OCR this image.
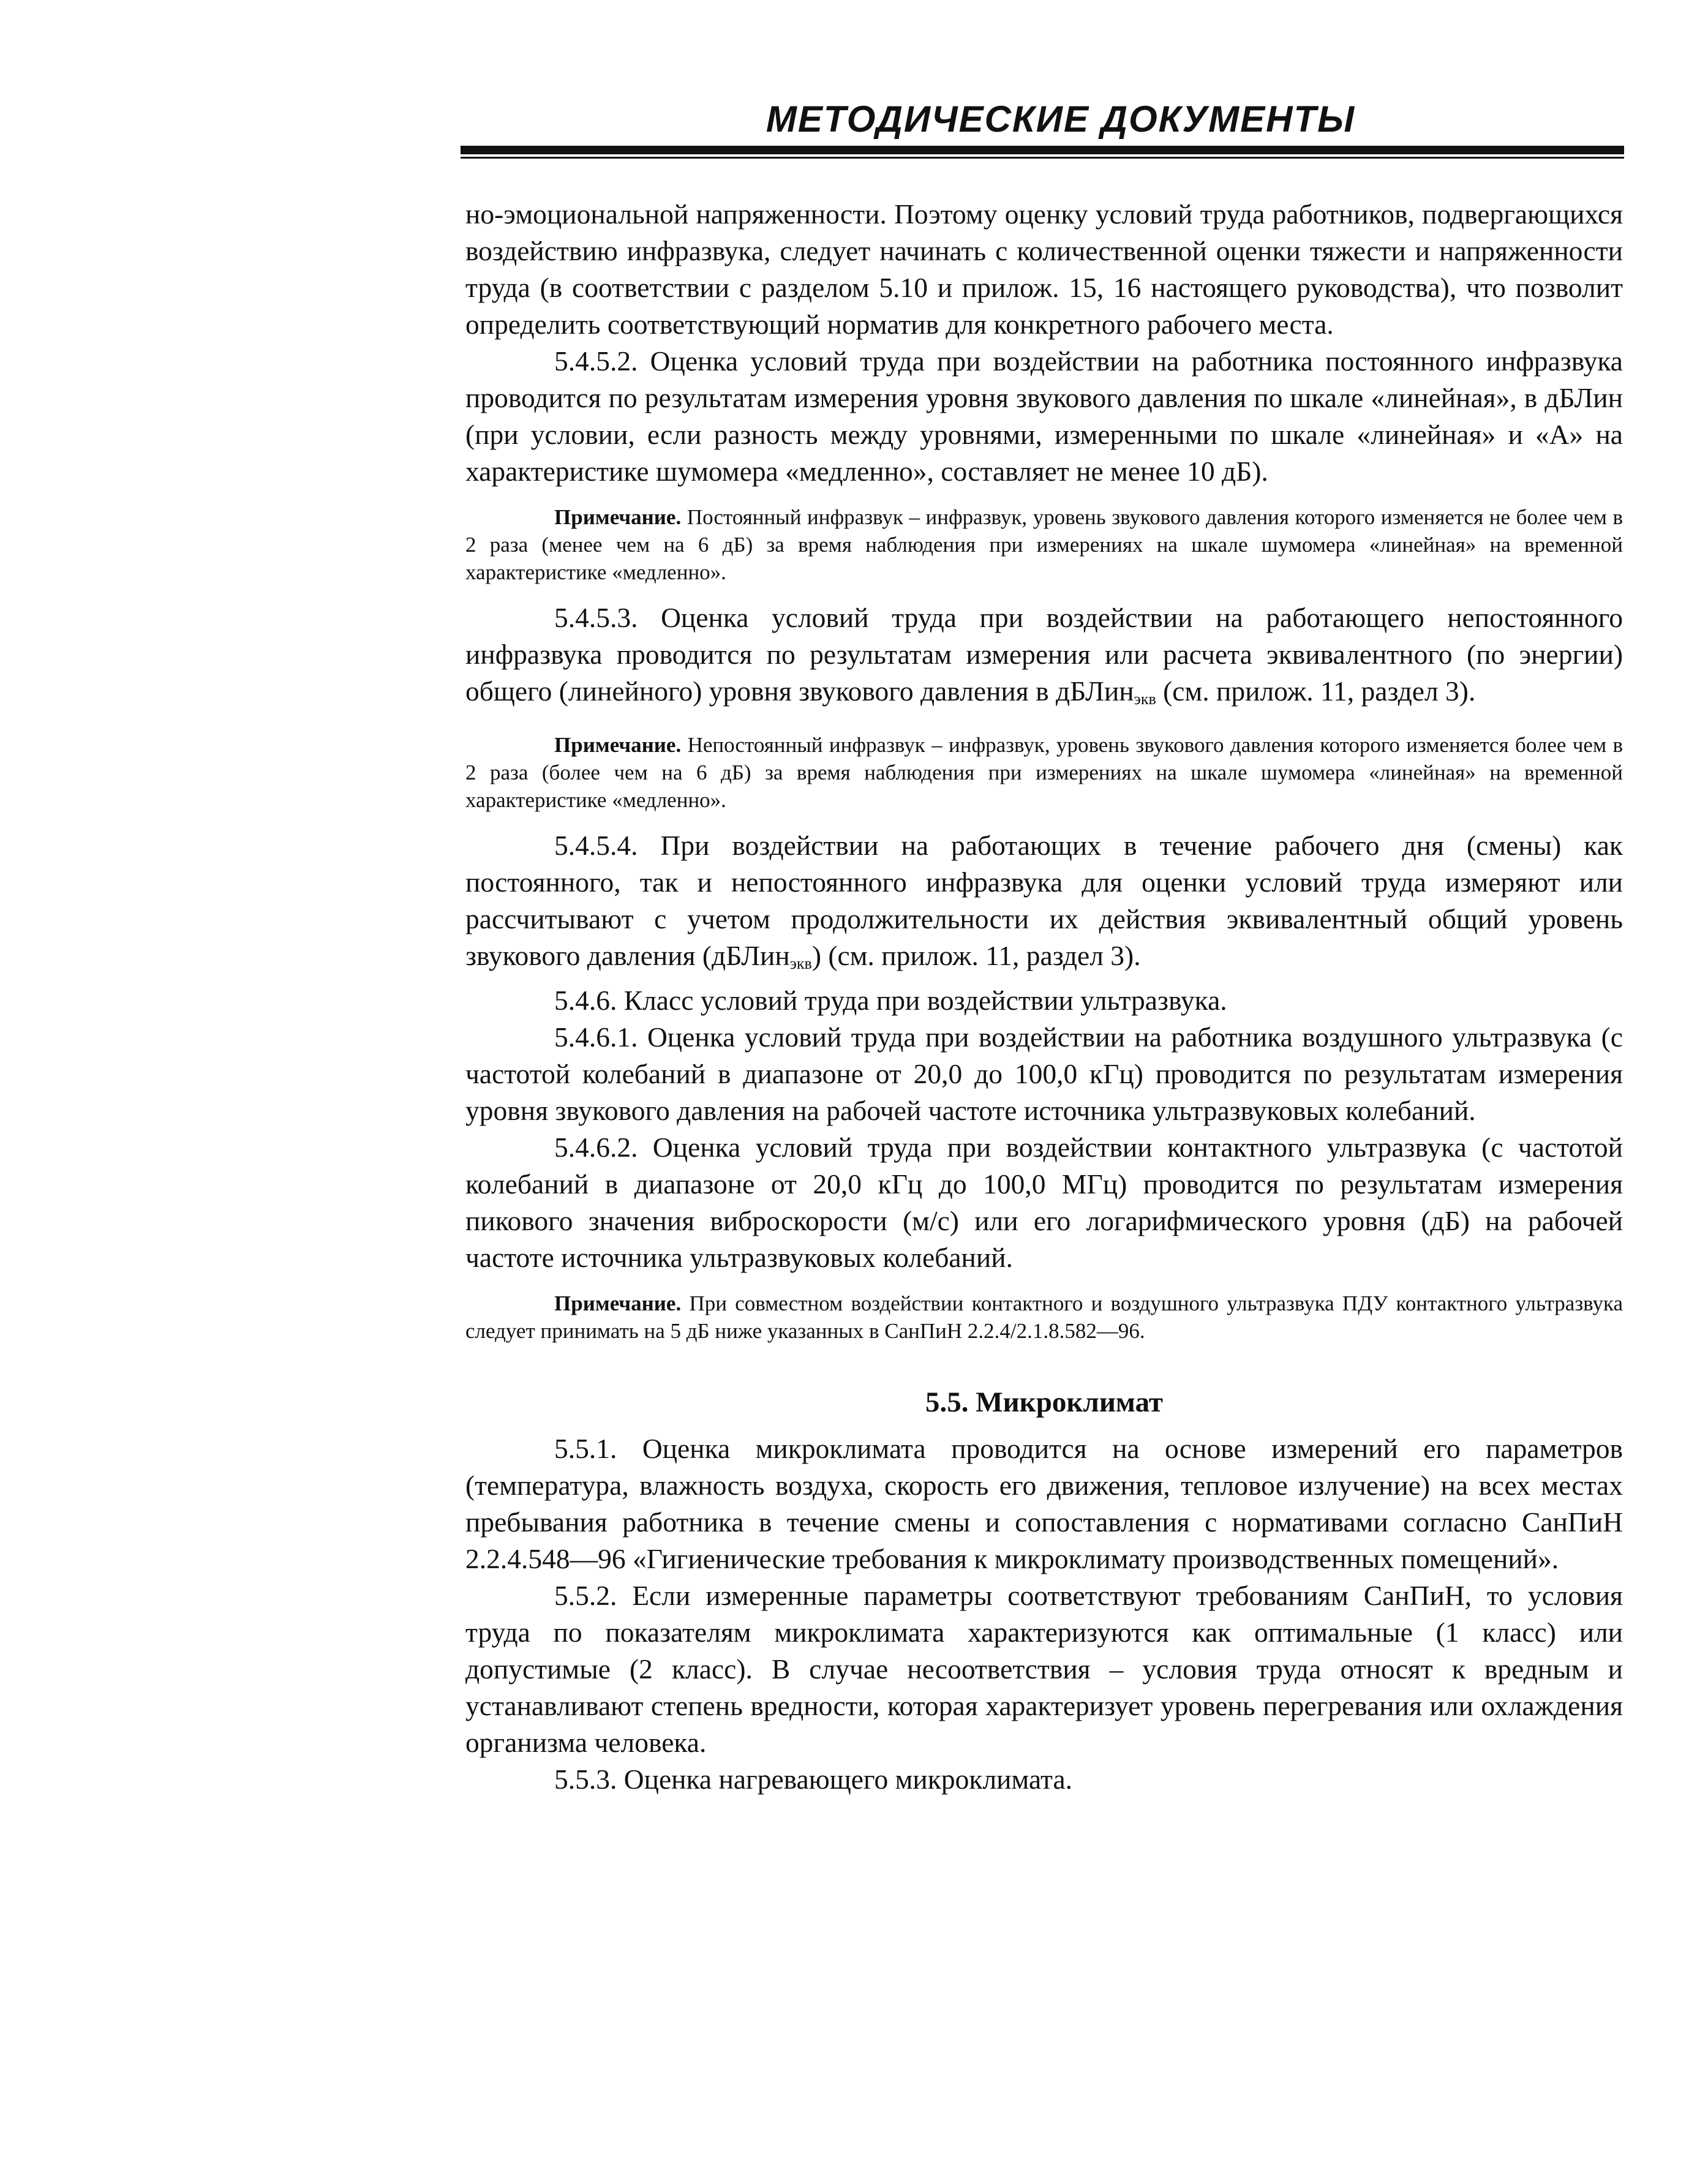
МЕТОДИЧЕСКИЕ ДОКУМЕНТЫ

но-эмоциональной напряженности. Поэтому оценку условий труда работников, подвергающихся воздействию инфразвука, следует начинать с количественной оценки тяжести и напряженности труда (в соответствии с разделом 5.10 и прилож. 15, 16 настоящего руководства), что позволит определить соответствующий норматив для конкретного рабочего места.

5.4.5.2. Оценка условий труда при воздействии на работника постоянного инфразвука проводится по результатам измерения уровня звукового давления по шкале «линейная», в дБЛин (при условии, если разность между уровнями, измеренными по шкале «линейная» и «А» на характеристике шумомера «медленно», составляет не менее 10 дБ).

Примечание. Постоянный инфразвук – инфразвук, уровень звукового давления которого изменяется не более чем в 2 раза (менее чем на 6 дБ) за время наблюдения при измерениях на шкале шумомера «линейная» на временной характеристике «медленно».

5.4.5.3. Оценка условий труда при воздействии на работающего непостоянного инфразвука проводится по результатам измерения или расчета эквивалентного (по энергии) общего (линейного) уровня звукового давления в дБЛин$_{экв}$ (см. прилож. 11, раздел 3).

Примечание. Непостоянный инфразвук – инфразвук, уровень звукового давления которого изменяется более чем в 2 раза (более чем на 6 дБ) за время наблюдения при измерениях на шкале шумомера «линейная» на временной характеристике «медленно».

5.4.5.4. При воздействии на работающих в течение рабочего дня (смены) как постоянного, так и непостоянного инфразвука для оценки условий труда измеряют или рассчитывают с учетом продолжительности их действия эквивалентный общий уровень звукового давления (дБЛин$_{экв}$) (см. прилож. 11, раздел 3).

5.4.6. Класс условий труда при воздействии ультразвука.

5.4.6.1. Оценка условий труда при воздействии на работника воздушного ультразвука (с частотой колебаний в диапазоне от 20,0 до 100,0 кГц) проводится по результатам измерения уровня звукового давления на рабочей частоте источника ультразвуковых колебаний.

5.4.6.2. Оценка условий труда при воздействии контактного ультразвука (с частотой колебаний в диапазоне от 20,0 кГц до 100,0 МГц) проводится по результатам измерения пикового значения виброскорости (м/с) или его логарифмического уровня (дБ) на рабочей частоте источника ультразвуковых колебаний.

Примечание. При совместном воздействии контактного и воздушного ультразвука ПДУ контактного ультразвука следует принимать на 5 дБ ниже указанных в СанПиН 2.2.4/2.1.8.582—96.

5.5. Микроклимат

5.5.1. Оценка микроклимата проводится на основе измерений его параметров (температура, влажность воздуха, скорость его движения, тепловое излучение) на всех местах пребывания работника в течение смены и сопоставления с нормативами согласно СанПиН 2.2.4.548—96 «Гигиенические требования к микроклимату производственных помещений».

5.5.2. Если измеренные параметры соответствуют требованиям СанПиН, то условия труда по показателям микроклимата характеризуются как оптимальные (1 класс) или допустимые (2 класс). В случае несоответствия – условия труда относят к вредным и устанавливают степень вредности, которая характеризует уровень перегревания или охлаждения организма человека.

5.5.3. Оценка нагревающего микроклимата.
